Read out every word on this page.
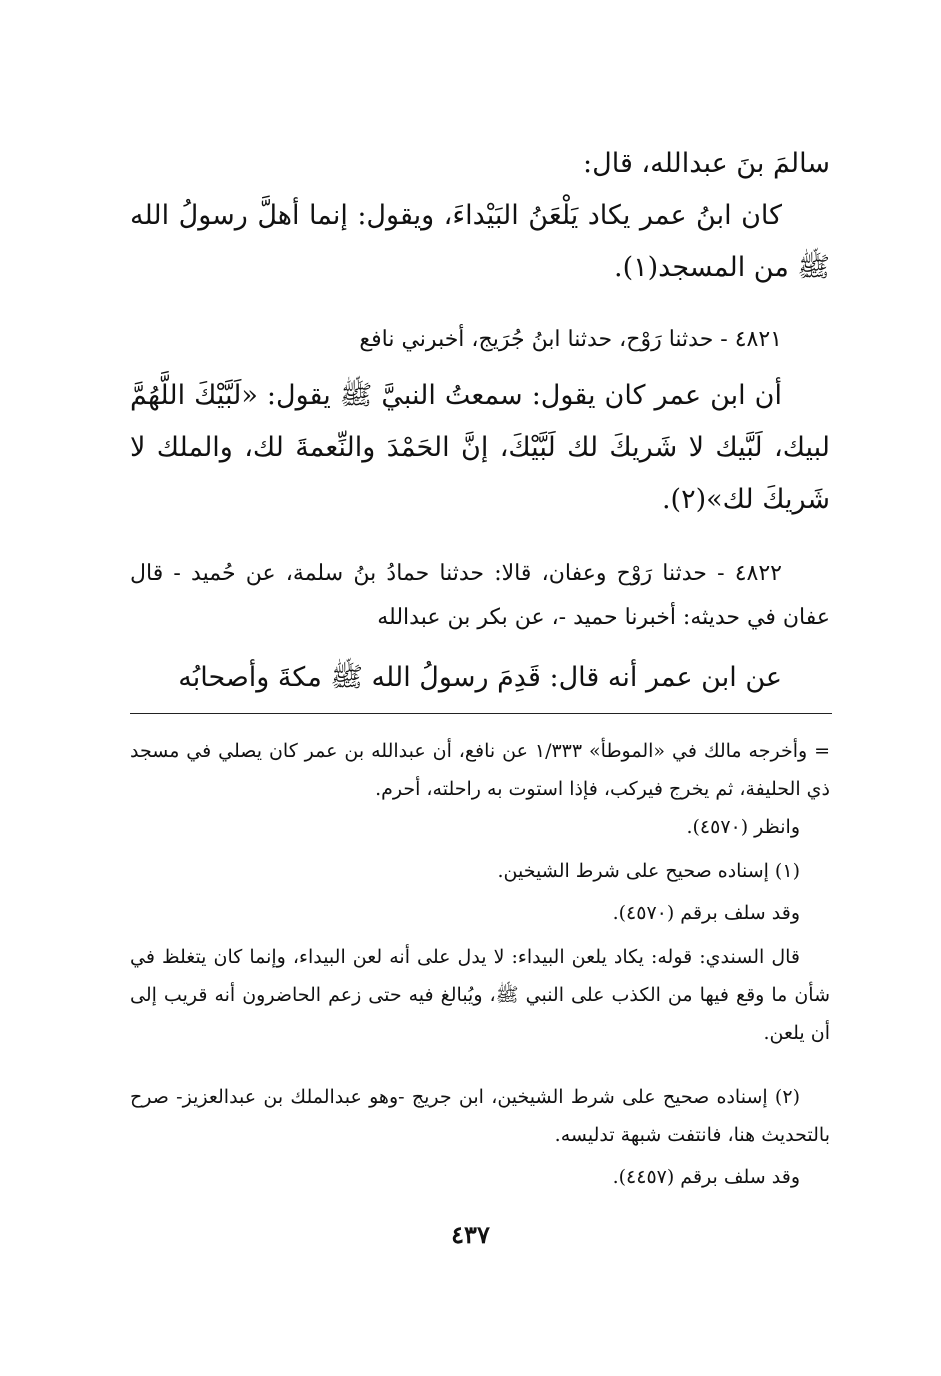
سالمَ بنَ عبدالله، قال:

كان ابنُ عمر يكاد يَلْعَنُ البَيْداءَ، ويقول: إنما أهلَّ رسولُ الله ﷺ من المسجد(١).

٤٨٢١ - حدثنا رَوْح، حدثنا ابنُ جُرَيج، أخبرني نافع

أن ابن عمر كان يقول: سمعتُ النبيَّ ﷺ يقول: «لَبَّيْكَ اللَّهُمَّ لبيك، لَبَّيك لا شَريكَ لك لَبَّيْكَ، إنَّ الحَمْدَ والنِّعمةَ لك، والملك لا شَريكَ لك»(٢).

٤٨٢٢ - حدثنا رَوْح وعفان، قالا: حدثنا حمادُ بنُ سلمة، عن حُميد - قال عفان في حديثه: أخبرنا حميد -، عن بكر بن عبدالله

عن ابن عمر أنه قال: قَدِمَ رسولُ الله ﷺ مكةَ وأصحابُه

= وأخرجه مالك في «الموطأ» ١/٣٣٣ عن نافع، أن عبدالله بن عمر كان يصلي في مسجد ذي الحليفة، ثم يخرج فيركب، فإذا استوت به راحلته، أحرم.

وانظر (٤٥٧٠).

(١) إسناده صحيح على شرط الشيخين.

وقد سلف برقم (٤٥٧٠).

قال السندي: قوله: يكاد يلعن البيداء: لا يدل على أنه لعن البيداء، وإنما كان يتغلظ في شأن ما وقع فيها من الكذب على النبي ﷺ، ويُبالغ فيه حتى زعم الحاضرون أنه قريب إلى أن يلعن.

(٢) إسناده صحيح على شرط الشيخين، ابن جريج -وهو عبدالملك بن عبدالعزيز- صرح بالتحديث هنا، فانتفت شبهة تدليسه.

وقد سلف برقم (٤٤٥٧).

٤٣٧
